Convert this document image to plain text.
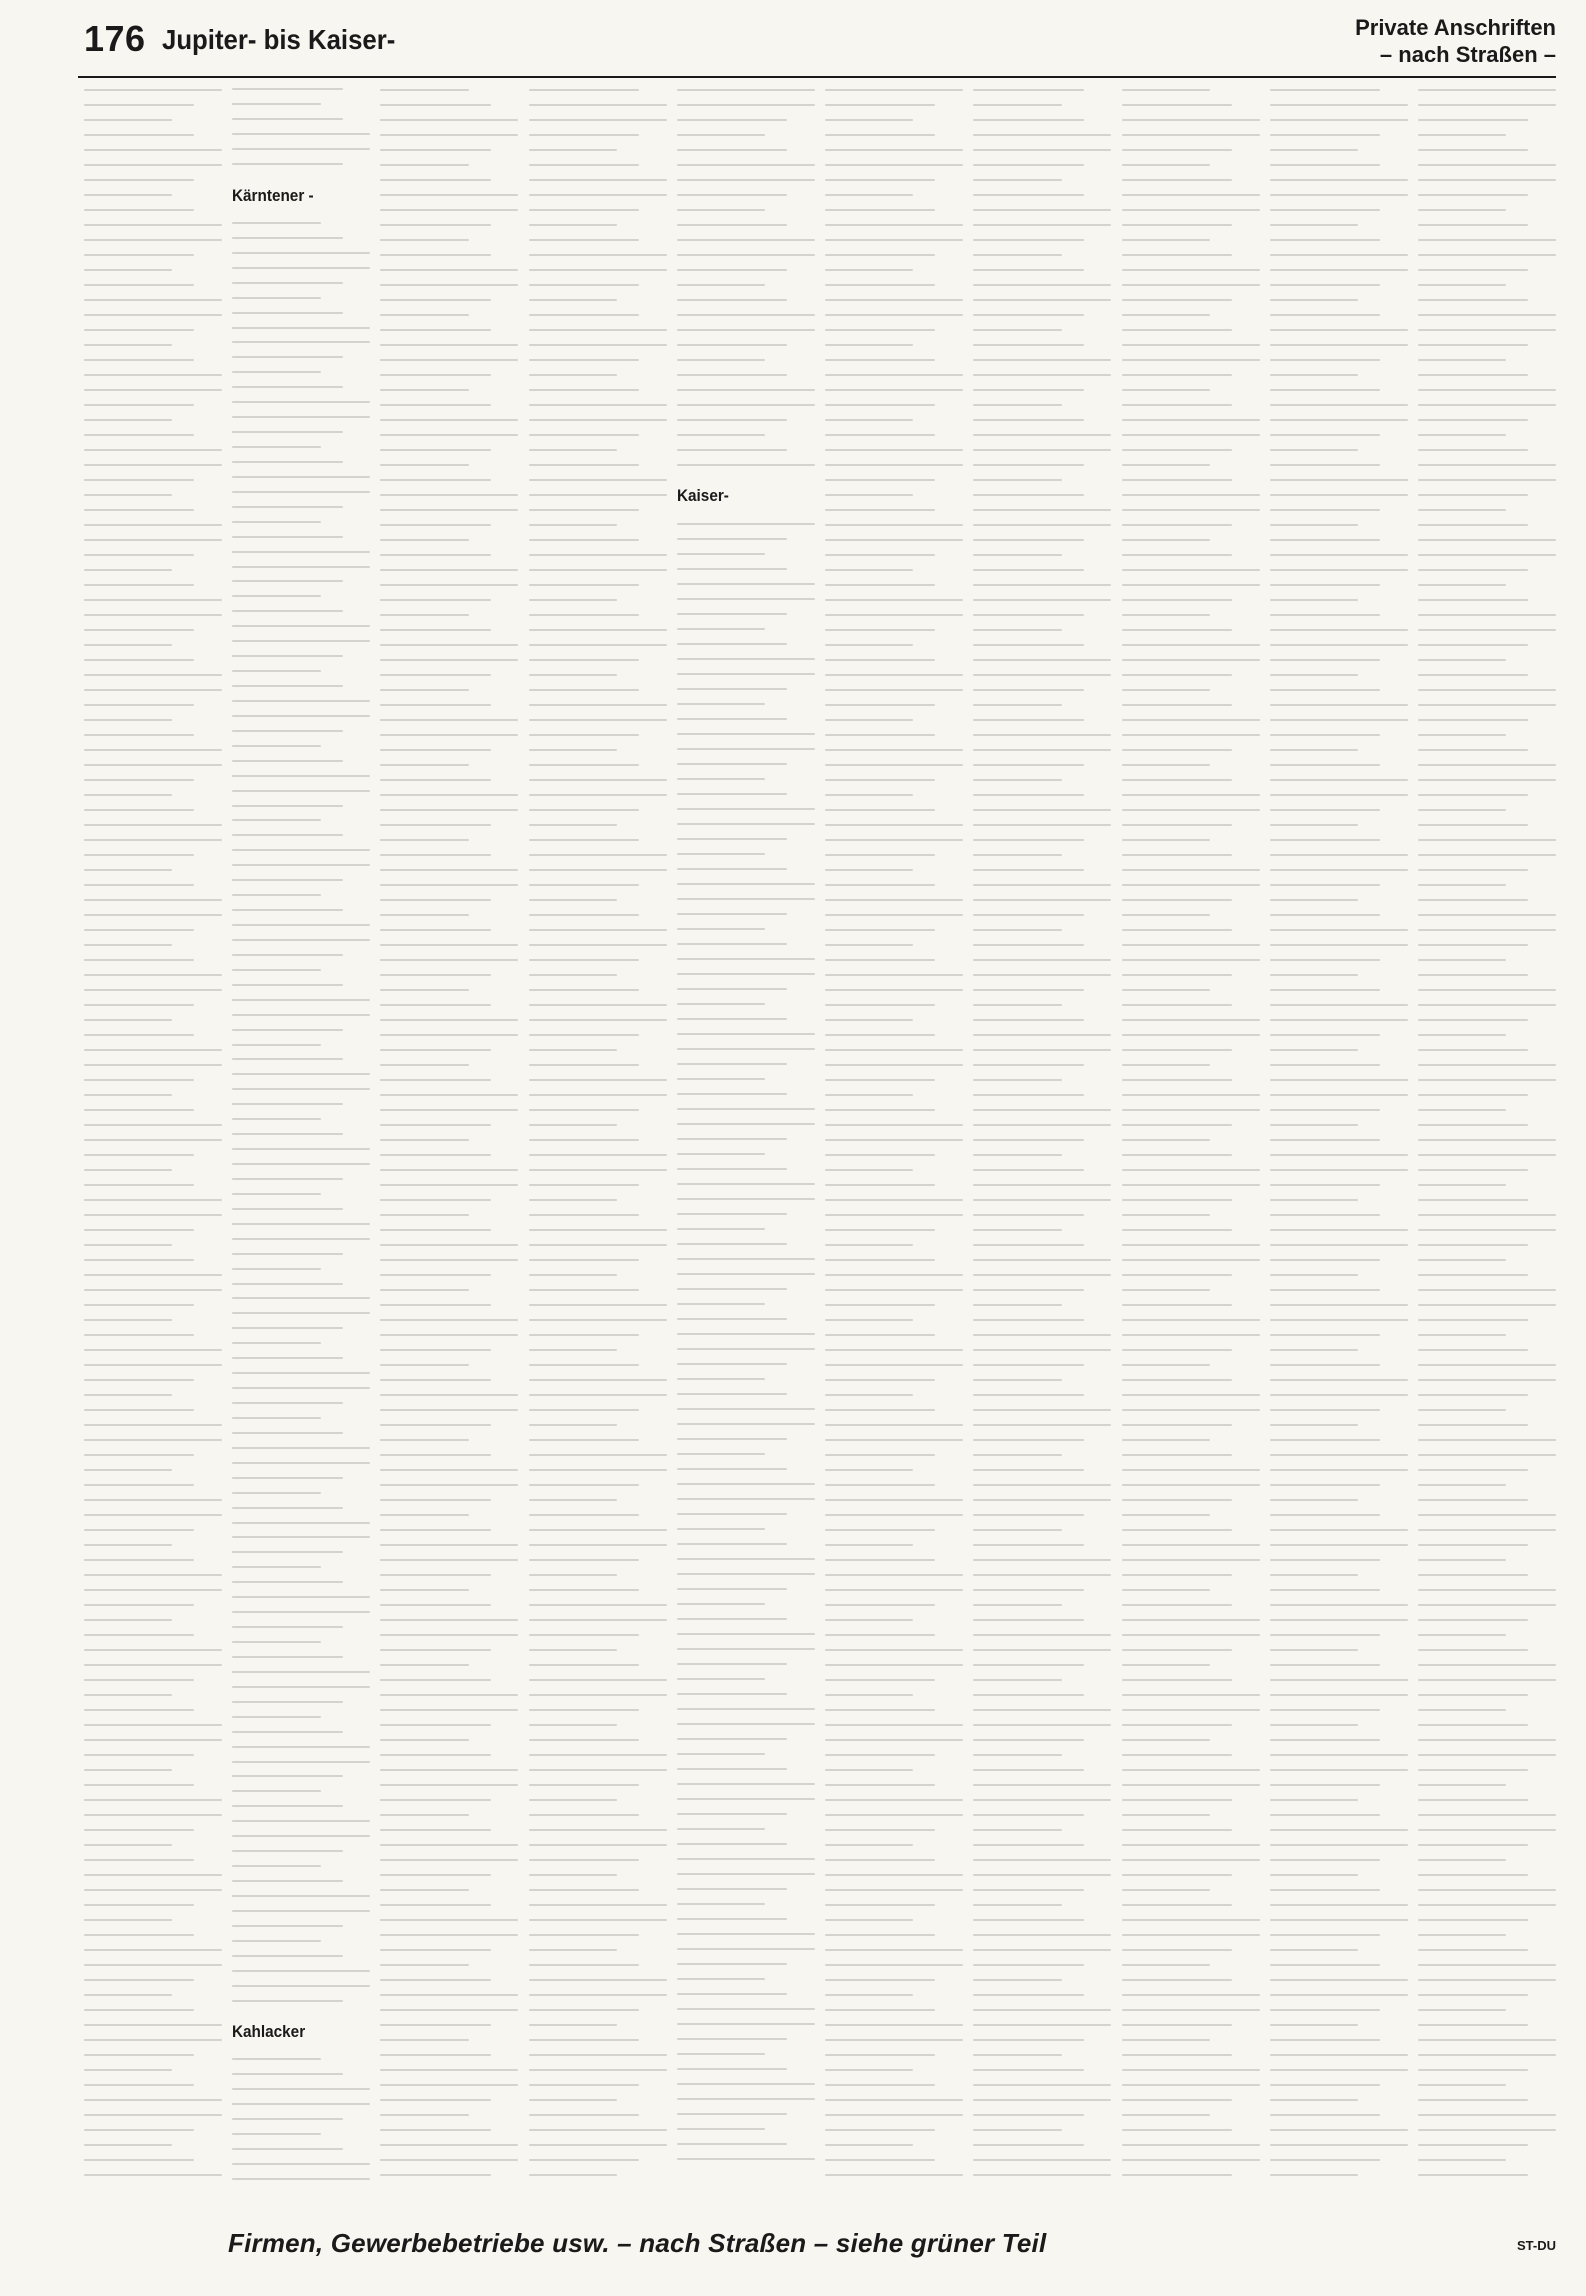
176 Jupiter- bis Kaiser-	Private Anschriften
– nach Straßen –
Kärntener -
Kahlacker
Kaiser-
Firmen, Gewerbebetriebe usw. – nach Straßen – siehe grüner Teil	ST-DU
